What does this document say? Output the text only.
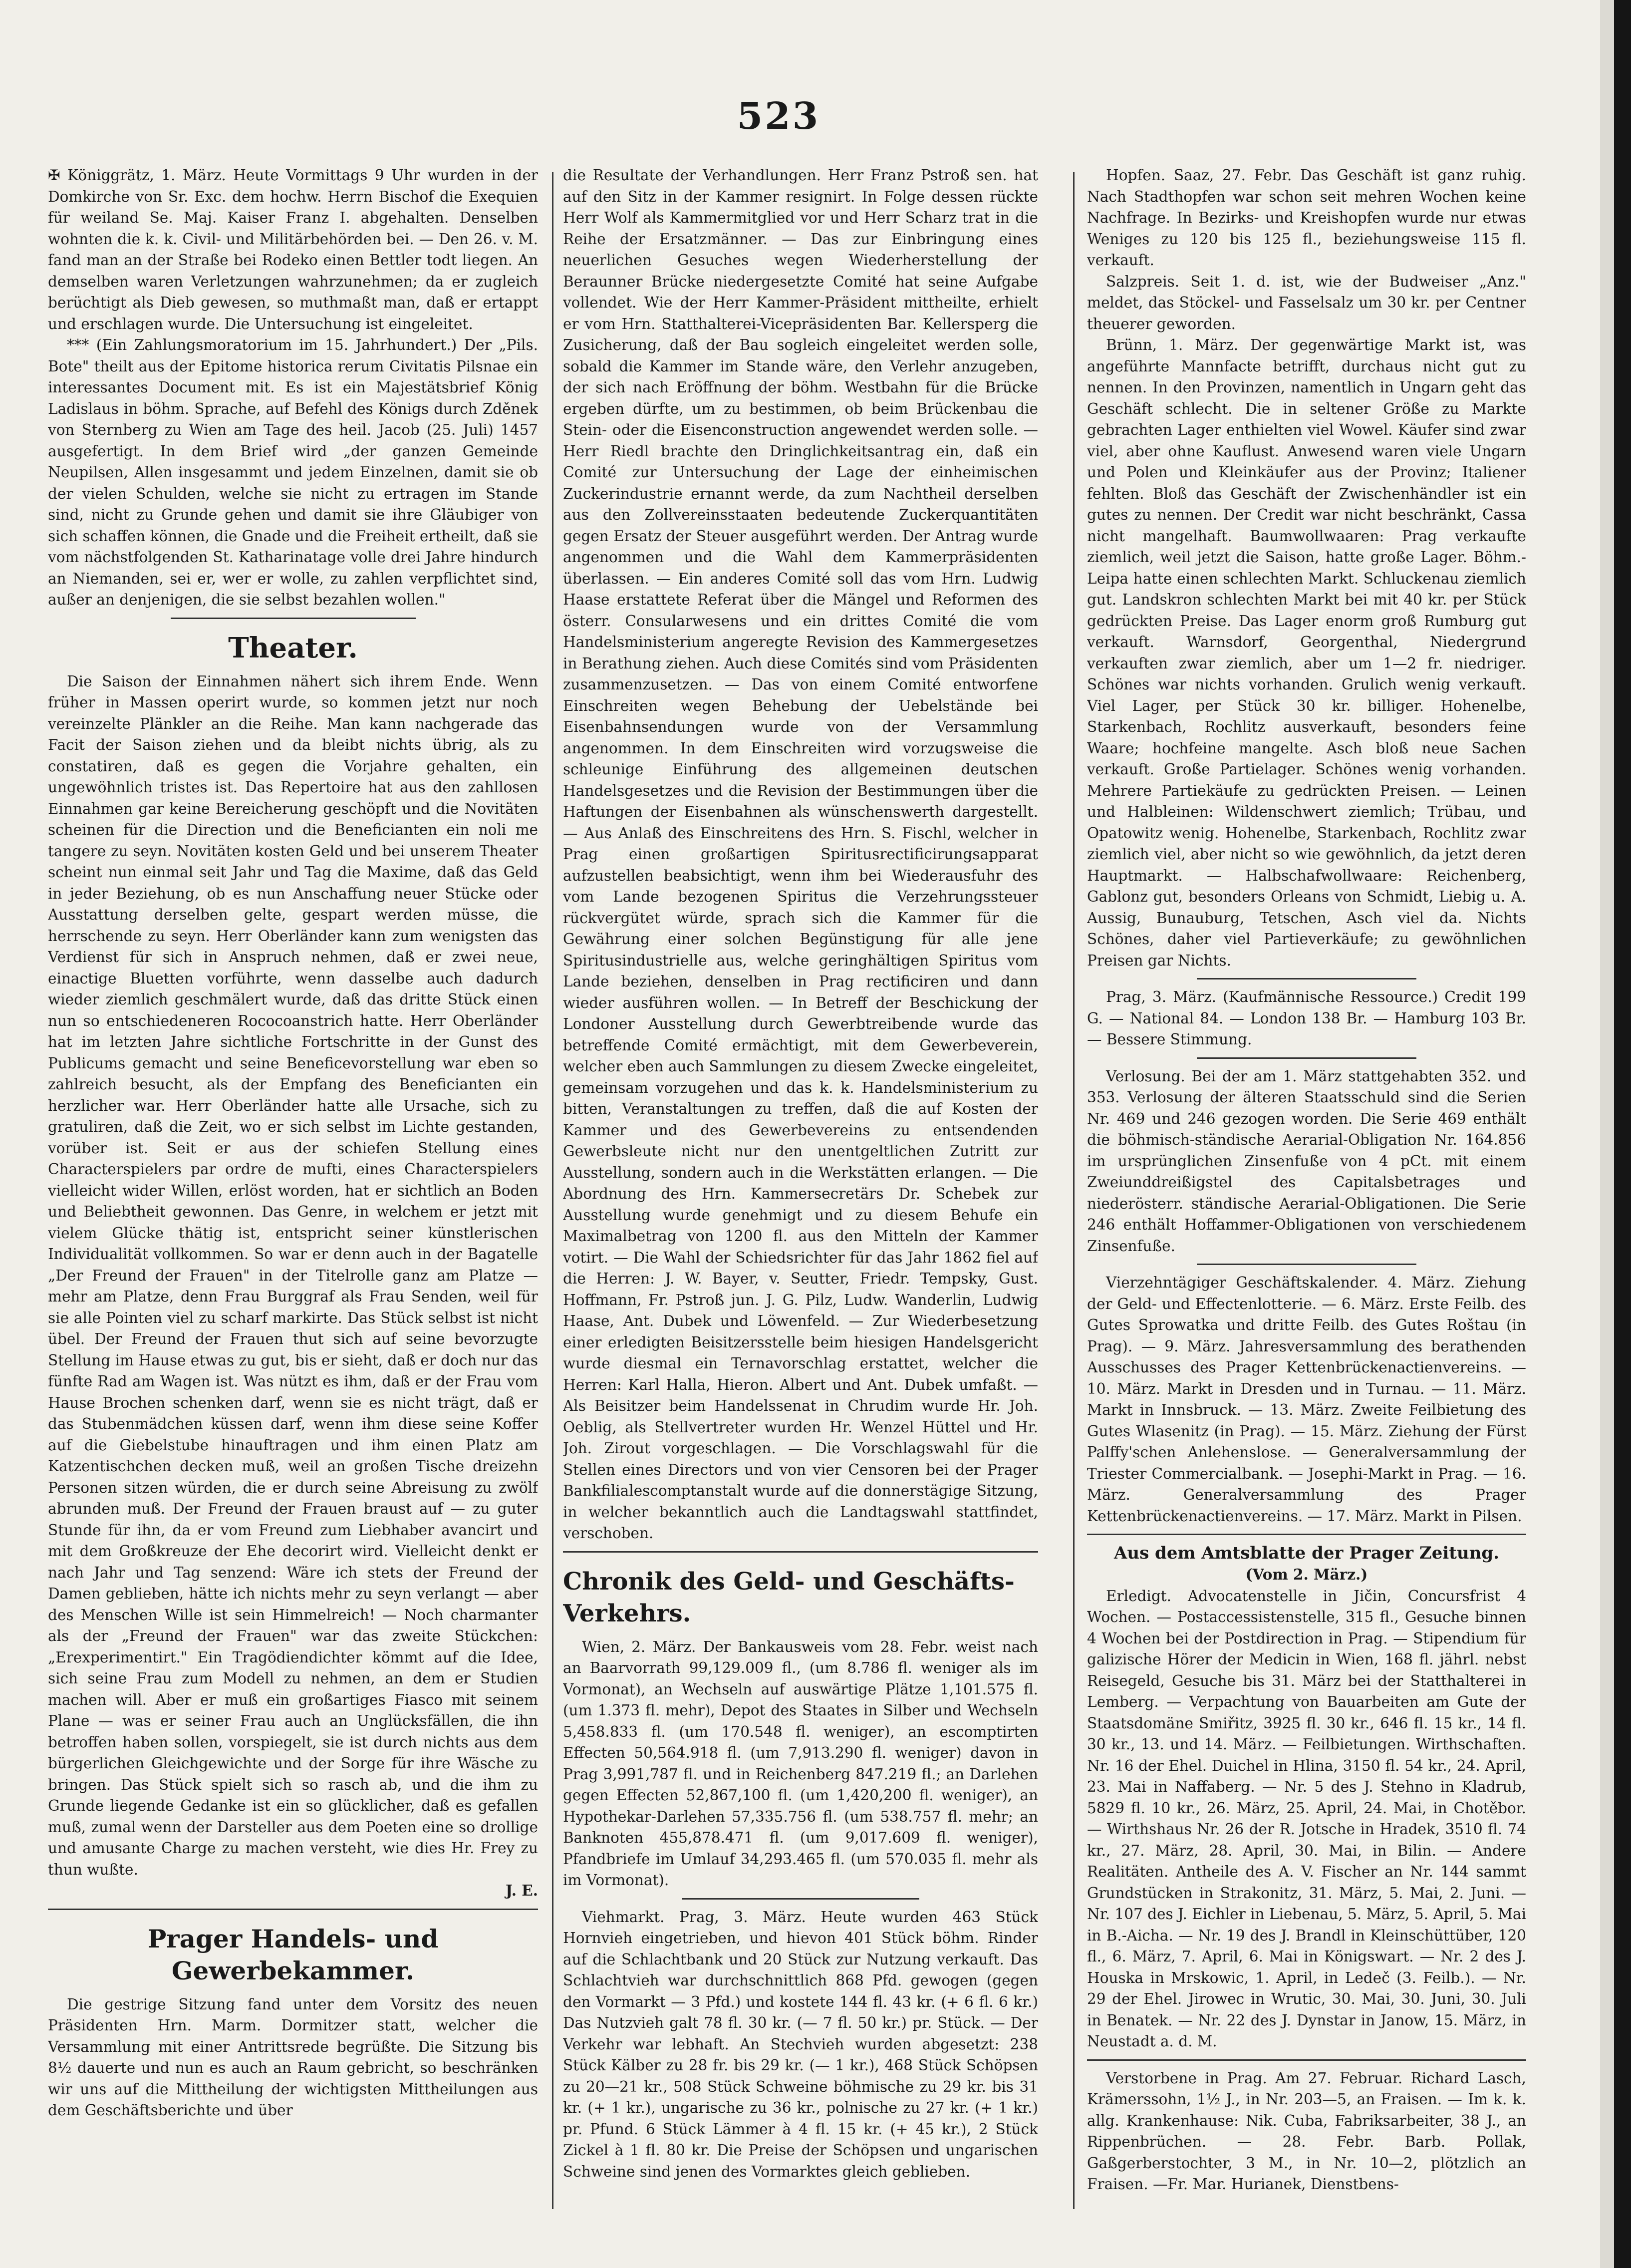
523

✠ Königgrätz, 1. März. Heute Vormittags 9 Uhr wurden in der Domkirche von Sr. Exc. dem hochw. Herrn Bischof die Exequien für weiland Se. Maj. Kaiser Franz I. abgehalten. Denselben wohnten die k. k. Civil- und Militärbehörden bei. — Den 26. v. M. fand man an der Straße bei Rodeko einen Bettler todt liegen. An demselben waren Verletzungen wahrzunehmen; da er zugleich berüchtigt als Dieb gewesen, so muthmaßt man, daß er ertappt und erschlagen wurde. Die Untersuchung ist eingeleitet.

*** (Ein Zahlungsmoratorium im 15. Jahrhundert.) Der „Pils. Bote" theilt aus der Epitome historica rerum Civitatis Pilsnae ein interessantes Document mit. Es ist ein Majestätsbrief König Ladislaus in böhm. Sprache, auf Befehl des Königs durch Zděnek von Sternberg zu Wien am Tage des heil. Jacob (25. Juli) 1457 ausgefertigt. In dem Brief wird „der ganzen Gemeinde Neupilsen, Allen insgesammt und jedem Einzelnen, damit sie ob der vielen Schulden, welche sie nicht zu ertragen im Stande sind, nicht zu Grunde gehen und damit sie ihre Gläubiger von sich schaffen können, die Gnade und die Freiheit ertheilt, daß sie vom nächstfolgenden St. Katharinatage volle drei Jahre hindurch an Niemanden, sei er, wer er wolle, zu zahlen verpflichtet sind, außer an denjenigen, die sie selbst bezahlen wollen."

Theater.

Die Saison der Einnahmen nähert sich ihrem Ende. Wenn früher in Massen operirt wurde, so kommen jetzt nur noch vereinzelte Plänkler an die Reihe. Man kann nachgerade das Facit der Saison ziehen und da bleibt nichts übrig, als zu constatiren, daß es gegen die Vorjahre gehalten, ein ungewöhnlich tristes ist. Das Repertoire hat aus den zahllosen Einnahmen gar keine Bereicherung geschöpft und die Novitäten scheinen für die Direction und die Beneficianten ein noli me tangere zu seyn. Novitäten kosten Geld und bei unserem Theater scheint nun einmal seit Jahr und Tag die Maxime, daß das Geld in jeder Beziehung, ob es nun Anschaffung neuer Stücke oder Ausstattung derselben gelte, gespart werden müsse, die herrschende zu seyn. Herr Oberländer kann zum wenigsten das Verdienst für sich in Anspruch nehmen, daß er zwei neue, einactige Bluetten vorführte, wenn dasselbe auch dadurch wieder ziemlich geschmälert wurde, daß das dritte Stück einen nun so entschiedeneren Rococoanstrich hatte. Herr Oberländer hat im letzten Jahre sichtliche Fortschritte in der Gunst des Publicums gemacht und seine Beneficevorstellung war eben so zahlreich besucht, als der Empfang des Beneficianten ein herzlicher war. Herr Oberländer hatte alle Ursache, sich zu gratuliren, daß die Zeit, wo er sich selbst im Lichte gestanden, vorüber ist. Seit er aus der schiefen Stellung eines Characterspielers par ordre de mufti, eines Characterspielers vielleicht wider Willen, erlöst worden, hat er sichtlich an Boden und Beliebtheit gewonnen. Das Genre, in welchem er jetzt mit vielem Glücke thätig ist, entspricht seiner künstlerischen Individualität vollkommen. So war er denn auch in der Bagatelle „Der Freund der Frauen" in der Titelrolle ganz am Platze — mehr am Platze, denn Frau Burggraf als Frau Senden, weil für sie alle Pointen viel zu scharf markirte. Das Stück selbst ist nicht übel. Der Freund der Frauen thut sich auf seine bevorzugte Stellung im Hause etwas zu gut, bis er sieht, daß er doch nur das fünfte Rad am Wagen ist. Was nützt es ihm, daß er der Frau vom Hause Brochen schenken darf, wenn sie es nicht trägt, daß er das Stubenmädchen küssen darf, wenn ihm diese seine Koffer auf die Giebelstube hinauftragen und ihm einen Platz am Katzentischchen decken muß, weil an großen Tische dreizehn Personen sitzen würden, die er durch seine Abreisung zu zwölf abrunden muß. Der Freund der Frauen braust auf — zu guter Stunde für ihn, da er vom Freund zum Liebhaber avancirt und mit dem Großkreuze der Ehe decorirt wird. Vielleicht denkt er nach Jahr und Tag senzend: Wäre ich stets der Freund der Damen geblieben, hätte ich nichts mehr zu seyn verlangt — aber des Menschen Wille ist sein Himmelreich! — Noch charmanter als der „Freund der Frauen" war das zweite Stückchen: „Erexperimentirt." Ein Tragödiendichter kömmt auf die Idee, sich seine Frau zum Modell zu nehmen, an dem er Studien machen will. Aber er muß ein großartiges Fiasco mit seinem Plane — was er seiner Frau auch an Unglücksfällen, die ihn betroffen haben sollen, vorspiegelt, sie ist durch nichts aus dem bürgerlichen Gleichgewichte und der Sorge für ihre Wäsche zu bringen. Das Stück spielt sich so rasch ab, und die ihm zu Grunde liegende Gedanke ist ein so glücklicher, daß es gefallen muß, zumal wenn der Darsteller aus dem Poeten eine so drollige und amusante Charge zu machen versteht, wie dies Hr. Frey zu thun wußte.

J. E.
Prager Handels- und Gewerbekammer.

Die gestrige Sitzung fand unter dem Vorsitz des neuen Präsidenten Hrn. Marm. Dormitzer statt, welcher die Versammlung mit einer Antrittsrede begrüßte. Die Sitzung bis 8½ dauerte und nun es auch an Raum gebricht, so beschränken wir uns auf die Mittheilung der wichtigsten Mittheilungen aus dem Geschäftsberichte und über

die Resultate der Verhandlungen. Herr Franz Pstroß sen. hat auf den Sitz in der Kammer resignirt. In Folge dessen rückte Herr Wolf als Kammermitglied vor und Herr Scharz trat in die Reihe der Ersatzmänner. — Das zur Einbringung eines neuerlichen Gesuches wegen Wiederherstellung der Beraunner Brücke niedergesetzte Comité hat seine Aufgabe vollendet. Wie der Herr Kammer-Präsident mittheilte, erhielt er vom Hrn. Statthalterei-Vicepräsidenten Bar. Kellersperg die Zusicherung, daß der Bau sogleich eingeleitet werden solle, sobald die Kammer im Stande wäre, den Verlehr anzugeben, der sich nach Eröffnung der böhm. Westbahn für die Brücke ergeben dürfte, um zu bestimmen, ob beim Brückenbau die Stein- oder die Eisenconstruction angewendet werden solle. — Herr Riedl brachte den Dringlichkeitsantrag ein, daß ein Comité zur Untersuchung der Lage der einheimischen Zuckerindustrie ernannt werde, da zum Nachtheil derselben aus den Zollvereinsstaaten bedeutende Zuckerquantitäten gegen Ersatz der Steuer ausgeführt werden. Der Antrag wurde angenommen und die Wahl dem Kammerpräsidenten überlassen. — Ein anderes Comité soll das vom Hrn. Ludwig Haase erstattete Referat über die Mängel und Reformen des österr. Consularwesens und ein drittes Comité die vom Handelsministerium angeregte Revision des Kammergesetzes in Berathung ziehen. Auch diese Comités sind vom Präsidenten zusammenzusetzen. — Das von einem Comité entworfene Einschreiten wegen Behebung der Uebelstände bei Eisenbahnsendungen wurde von der Versammlung angenommen. In dem Einschreiten wird vorzugsweise die schleunige Einführung des allgemeinen deutschen Handelsgesetzes und die Revision der Bestimmungen über die Haftungen der Eisenbahnen als wünschenswerth dargestellt. — Aus Anlaß des Einschreitens des Hrn. S. Fischl, welcher in Prag einen großartigen Spiritusrectificirungsapparat aufzustellen beabsichtigt, wenn ihm bei Wiederausfuhr des vom Lande bezogenen Spiritus die Verzehrungssteuer rückvergütet würde, sprach sich die Kammer für die Gewährung einer solchen Begünstigung für alle jene Spiritusindustrielle aus, welche geringhältigen Spiritus vom Lande beziehen, denselben in Prag rectificiren und dann wieder ausführen wollen. — In Betreff der Beschickung der Londoner Ausstellung durch Gewerbtreibende wurde das betreffende Comité ermächtigt, mit dem Gewerbeverein, welcher eben auch Sammlungen zu diesem Zwecke eingeleitet, gemeinsam vorzugehen und das k. k. Handelsministerium zu bitten, Veranstaltungen zu treffen, daß die auf Kosten der Kammer und des Gewerbevereins zu entsendenden Gewerbsleute nicht nur den unentgeltlichen Zutritt zur Ausstellung, sondern auch in die Werkstätten erlangen. — Die Abordnung des Hrn. Kammersecretärs Dr. Schebek zur Ausstellung wurde genehmigt und zu diesem Behufe ein Maximalbetrag von 1200 fl. aus den Mitteln der Kammer votirt. — Die Wahl der Schiedsrichter für das Jahr 1862 fiel auf die Herren: J. W. Bayer, v. Seutter, Friedr. Tempsky, Gust. Hoffmann, Fr. Pstroß jun. J. G. Pilz, Ludw. Wanderlin, Ludwig Haase, Ant. Dubek und Löwenfeld. — Zur Wiederbesetzung einer erledigten Beisitzersstelle beim hiesigen Handelsgericht wurde diesmal ein Ternavorschlag erstattet, welcher die Herren: Karl Halla, Hieron. Albert und Ant. Dubek umfaßt. — Als Beisitzer beim Handelssenat in Chrudim wurde Hr. Joh. Oeblig, als Stellvertreter wurden Hr. Wenzel Hüttel und Hr. Joh. Zirout vorgeschlagen. — Die Vorschlagswahl für die Stellen eines Directors und von vier Censoren bei der Prager Bankfilialescomptanstalt wurde auf die donnerstägige Sitzung, in welcher bekanntlich auch die Landtagswahl stattfindet, verschoben.

Chronik des Geld- und Geschäfts-Verkehrs.

Wien, 2. März. Der Bankausweis vom 28. Febr. weist nach an Baarvorrath 99,129.009 fl., (um 8.786 fl. weniger als im Vormonat), an Wechseln auf auswärtige Plätze 1,101.575 fl. (um 1.373 fl. mehr), Depot des Staates in Silber und Wechseln 5,458.833 fl. (um 170.548 fl. weniger), an escomptirten Effecten 50,564.918 fl. (um 7,913.290 fl. weniger) davon in Prag 3,991,787 fl. und in Reichenberg 847.219 fl.; an Darlehen gegen Effecten 52,867,100 fl. (um 1,420,200 fl. weniger), an Hypothekar-Darlehen 57,335.756 fl. (um 538.757 fl. mehr; an Banknoten 455,878.471 fl. (um 9,017.609 fl. weniger), Pfandbriefe im Umlauf 34,293.465 fl. (um 570.035 fl. mehr als im Vormonat).

Viehmarkt. Prag, 3. März. Heute wurden 463 Stück Hornvieh eingetrieben, und hievon 401 Stück böhm. Rinder auf die Schlachtbank und 20 Stück zur Nutzung verkauft. Das Schlachtvieh war durchschnittlich 868 Pfd. gewogen (gegen den Vormarkt — 3 Pfd.) und kostete 144 fl. 43 kr. (+ 6 fl. 6 kr.) Das Nutzvieh galt 78 fl. 30 kr. (— 7 fl. 50 kr.) pr. Stück. — Der Verkehr war lebhaft. An Stechvieh wurden abgesetzt: 238 Stück Kälber zu 28 fr. bis 29 kr. (— 1 kr.), 468 Stück Schöpsen zu 20—21 kr., 508 Stück Schweine böhmische zu 29 kr. bis 31 kr. (+ 1 kr.), ungarische zu 36 kr., polnische zu 27 kr. (+ 1 kr.) pr. Pfund. 6 Stück Lämmer à 4 fl. 15 kr. (+ 45 kr.), 2 Stück Zickel à 1 fl. 80 kr. Die Preise der Schöpsen und ungarischen Schweine sind jenen des Vormarktes gleich geblieben.

Hopfen. Saaz, 27. Febr. Das Geschäft ist ganz ruhig. Nach Stadthopfen war schon seit mehren Wochen keine Nachfrage. In Bezirks- und Kreishopfen wurde nur etwas Weniges zu 120 bis 125 fl., beziehungsweise 115 fl. verkauft.

Salzpreis. Seit 1. d. ist, wie der Budweiser „Anz." meldet, das Stöckel- und Fasselsalz um 30 kr. per Centner theuerer geworden.

Brünn, 1. März. Der gegenwärtige Markt ist, was angeführte Mannfacte betrifft, durchaus nicht gut zu nennen. In den Provinzen, namentlich in Ungarn geht das Geschäft schlecht. Die in seltener Größe zu Markte gebrachten Lager enthielten viel Wowel. Käufer sind zwar viel, aber ohne Kauflust. Anwesend waren viele Ungarn und Polen und Kleinkäufer aus der Provinz; Italiener fehlten. Bloß das Geschäft der Zwischenhändler ist ein gutes zu nennen. Der Credit war nicht beschränkt, Cassa nicht mangelhaft. Baumwollwaaren: Prag verkaufte ziemlich, weil jetzt die Saison, hatte große Lager. Böhm.-Leipa hatte einen schlechten Markt. Schluckenau ziemlich gut. Landskron schlechten Markt bei mit 40 kr. per Stück gedrückten Preise. Das Lager enorm groß Rumburg gut verkauft. Warnsdorf, Georgenthal, Niedergrund verkauften zwar ziemlich, aber um 1—2 fr. niedriger. Schönes war nichts vorhanden. Grulich wenig verkauft. Viel Lager, per Stück 30 kr. billiger. Hohenelbe, Starkenbach, Rochlitz ausverkauft, besonders feine Waare; hochfeine mangelte. Asch bloß neue Sachen verkauft. Große Partielager. Schönes wenig vorhanden. Mehrere Partiekäufe zu gedrückten Preisen. — Leinen und Halbleinen: Wildenschwert ziemlich; Trübau, und Opatowitz wenig. Hohenelbe, Starkenbach, Rochlitz zwar ziemlich viel, aber nicht so wie gewöhnlich, da jetzt deren Hauptmarkt. — Halbschafwollwaare: Reichenberg, Gablonz gut, besonders Orleans von Schmidt, Liebig u. A. Aussig, Bunauburg, Tetschen, Asch viel da. Nichts Schönes, daher viel Partieverkäufe; zu gewöhnlichen Preisen gar Nichts.

Prag, 3. März. (Kaufmännische Ressource.) Credit 199 G. — National 84. — London 138 Br. — Hamburg 103 Br. — Bessere Stimmung.

Verlosung. Bei der am 1. März stattgehabten 352. und 353. Verlosung der älteren Staatsschuld sind die Serien Nr. 469 und 246 gezogen worden. Die Serie 469 enthält die böhmisch-ständische Aerarial-Obligation Nr. 164.856 im ursprünglichen Zinsenfuße von 4 pCt. mit einem Zweiunddreißigstel des Capitalsbetrages und niederösterr. ständische Aerarial-Obligationen. Die Serie 246 enthält Hoffammer-Obligationen von verschiedenem Zinsenfuße.

Vierzehntägiger Geschäftskalender. 4. März. Ziehung der Geld- und Effectenlotterie. — 6. März. Erste Feilb. des Gutes Sprowatka und dritte Feilb. des Gutes Roštau (in Prag). — 9. März. Jahresversammlung des berathenden Ausschusses des Prager Kettenbrückenactienvereins. — 10. März. Markt in Dresden und in Turnau. — 11. März. Markt in Innsbruck. — 13. März. Zweite Feilbietung des Gutes Wlasenitz (in Prag). — 15. März. Ziehung der Fürst Palffy'schen Anlehenslose. — Generalversammlung der Triester Commercialbank. — Josephi-Markt in Prag. — 16. März. Generalversammlung des Prager Kettenbrückenactienvereins. — 17. März. Markt in Pilsen.

Aus dem Amtsblatte der Prager Zeitung.
(Vom 2. März.)

Erledigt. Advocatenstelle in Jičin, Concursfrist 4 Wochen. — Postaccessistenstelle, 315 fl., Gesuche binnen 4 Wochen bei der Postdirection in Prag. — Stipendium für galizische Hörer der Medicin in Wien, 168 fl. jährl. nebst Reisegeld, Gesuche bis 31. März bei der Statthalterei in Lemberg. — Verpachtung von Bauarbeiten am Gute der Staatsdomäne Smiřitz, 3925 fl. 30 kr., 646 fl. 15 kr., 14 fl. 30 kr., 13. und 14. März. — Feilbietungen. Wirthschaften. Nr. 16 der Ehel. Duichel in Hlina, 3150 fl. 54 kr., 24. April, 23. Mai in Naffaberg. — Nr. 5 des J. Stehno in Kladrub, 5829 fl. 10 kr., 26. März, 25. April, 24. Mai, in Chotěbor. — Wirthshaus Nr. 26 der R. Jotsche in Hradek, 3510 fl. 74 kr., 27. März, 28. April, 30. Mai, in Bilin. — Andere Realitäten. Antheile des A. V. Fischer an Nr. 144 sammt Grundstücken in Strakonitz, 31. März, 5. Mai, 2. Juni. — Nr. 107 des J. Eichler in Liebenau, 5. März, 5. April, 5. Mai in B.-Aicha. — Nr. 19 des J. Brandl in Kleinschüttüber, 120 fl., 6. März, 7. April, 6. Mai in Königswart. — Nr. 2 des J. Houska in Mrskowic, 1. April, in Ledeč (3. Feilb.). — Nr. 29 der Ehel. Jirowec in Wrutic, 30. Mai, 30. Juni, 30. Juli in Benatek. — Nr. 22 des J. Dynstar in Janow, 15. März, in Neustadt a. d. M.

Verstorbene in Prag. Am 27. Februar. Richard Lasch, Krämerssohn, 1½ J., in Nr. 203—5, an Fraisen. — Im k. k. allg. Krankenhause: Nik. Cuba, Fabriksarbeiter, 38 J., an Rippenbrüchen. — 28. Febr. Barb. Pollak, Gaßgerberstochter, 3 M., in Nr. 10—2, plötzlich an Fraisen. —Fr. Mar. Hurianek, Dienstbens-
